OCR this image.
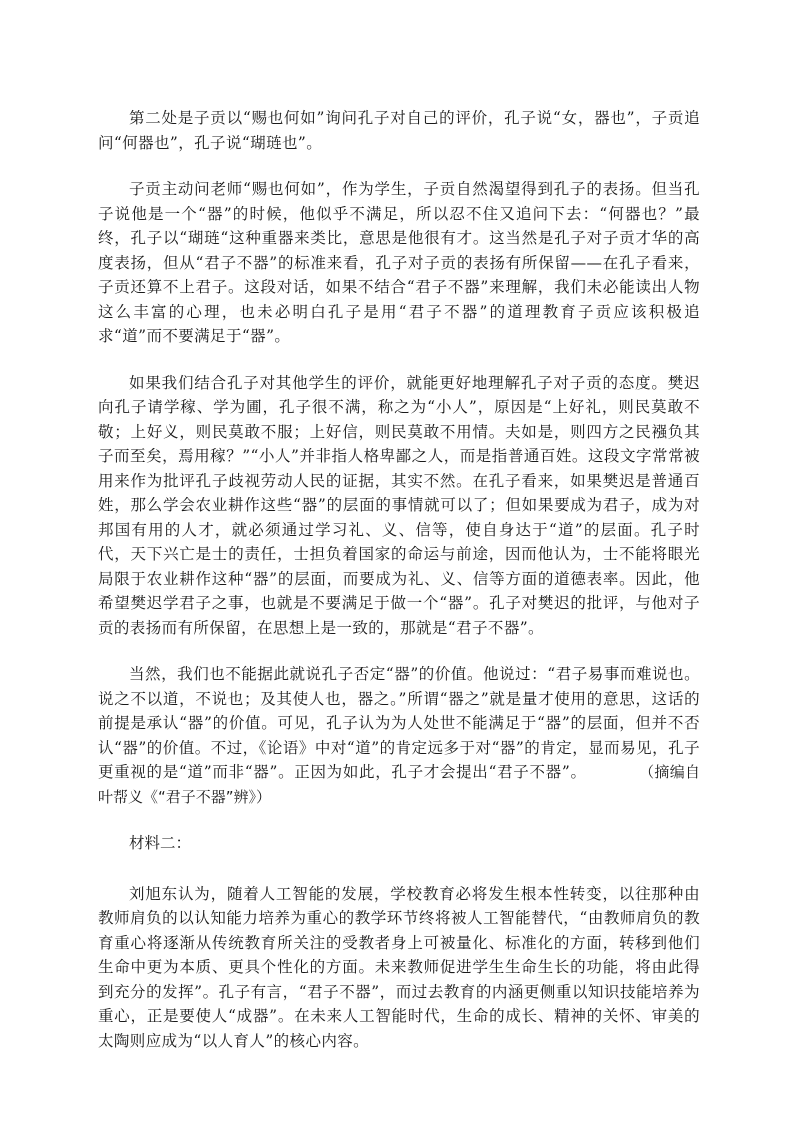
第二处是子贡以“赐也何如”询问孔子对自己的评价，孔子说“女，器也”，子贡追问“何器也”，孔子说“瑚琏也”。

子贡主动问老师“赐也何如”，作为学生，子贡自然渴望得到孔子的表扬。但当孔子说他是一个“器”的时候，他似乎不满足，所以忍不住又追问下去：“何器也？”最终，孔子以“瑚琏“这种重器来类比，意思是他很有才。这当然是孔子对子贡才华的高度表扬，但从“君子不器”的标准来看，孔子对子贡的表扬有所保留——在孔子看来，子贡还算不上君子。这段对话，如果不结合“君子不器”来理解，我们未必能读出人物这么丰富的心理，也未必明白孔子是用“君子不器”的道理教育子贡应该积极追求“道”而不要满足于“器”。

如果我们结合孔子对其他学生的评价，就能更好地理解孔子对子贡的态度。樊迟向孔子请学稼、学为圃，孔子很不满，称之为“小人”，原因是“上好礼，则民莫敢不敬；上好义，则民莫敢不服；上好信，则民莫敢不用情。夫如是，则四方之民襁负其子而至矣，焉用稼？”“小人”并非指人格卑鄙之人，而是指普通百姓。这段文字常常被用来作为批评孔子歧视劳动人民的证据，其实不然。在孔子看来，如果樊迟是普通百姓，那么学会农业耕作这些“器”的层面的事情就可以了；但如果要成为君子，成为对邦国有用的人才，就必须通过学习礼、义、信等，使自身达于“道”的层面。孔子时代，天下兴亡是士的责任，士担负着国家的命运与前途，因而他认为，士不能将眼光局限于农业耕作这种“器”的层面，而要成为礼、义、信等方面的道德表率。因此，他希望樊迟学君子之事，也就是不要满足于做一个“器”。孔子对樊迟的批评，与他对子贡的表扬而有所保留，在思想上是一致的，那就是“君子不器”。

当然，我们也不能据此就说孔子否定“器”的价值。他说过：“君子易事而难说也。说之不以道，不说也；及其使人也，器之。”所谓“器之”就是量才使用的意思，这话的前提是承认“器”的价值。可见，孔子认为为人处世不能满足于“器”的层面，但并不否认“器”的价值。不过，《论语》中对“道”的肯定远多于对“器”的肯定，显而易见，孔子更重视的是“道”而非“器”。正因为如此，孔子才会提出“君子不器”。	（摘编自叶帮义《“君子不器”辨》）

材料二：

刘旭东认为，随着人工智能的发展，学校教育必将发生根本性转变，以往那种由教师肩负的以认知能力培养为重心的教学环节终将被人工智能替代，“由教师肩负的教育重心将逐渐从传统教育所关注的受教者身上可被量化、标准化的方面，转移到他们生命中更为本质、更具个性化的方面。未来教师促进学生生命生长的功能，将由此得到充分的发挥”。孔子有言，“君子不器”，而过去教育的内涵更侧重以知识技能培养为重心，正是要使人“成器”。在未来人工智能时代，生命的成长、精神的关怀、审美的太陶则应成为“以人育人”的核心内容。
